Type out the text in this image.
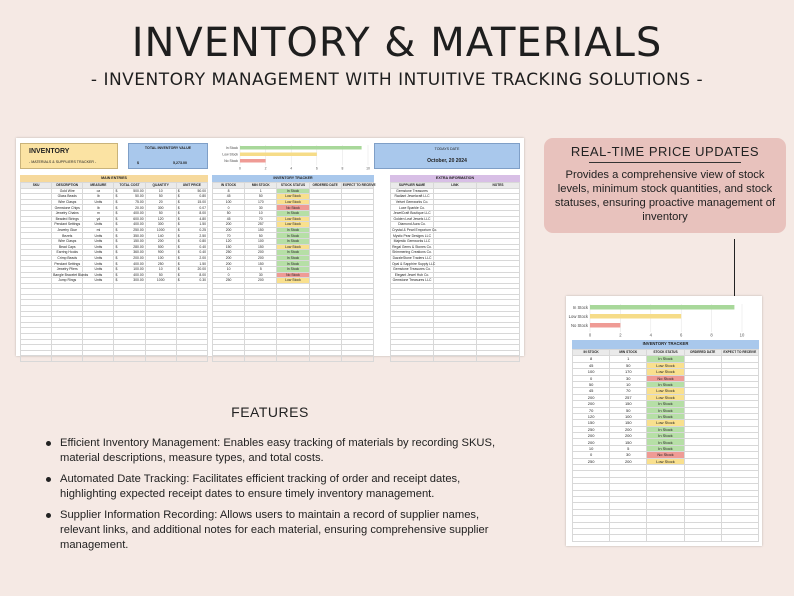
INVENTORY & MATERIALS
- INVENTORY MANAGEMENT WITH INTUITIVE TRACKING SOLUTIONS -
INVENTORY
- MATERIALS & SUPPLIERS TRACKER -
TOTAL INVENTORY VALUE
$	5,273.00
0	2	4	6	8	10
In Stock
Low Stock
No Stock
TODAYS DATE
October, 20 2024
MAIN ENTRIES
SKU	DESCRIPTION	MEASURE	TOTAL COST	QUANTITY	UNIT PRICE
	Gold Wire	oz	$ 500.00	10	$ 50.00

	Glass Beads	lb	$ 50.00	50	$ 0.80

	Wire Clasps	Units	$ 75.00	20	$ 15.00

	Gemstone Chips	lb	$ 20.00	300	$ 0.07

	Jewelry Chains	m	$ 400.00	50	$ 8.00

	Beaded Strings	yd	$ 600.00	120	$ 4.80

	Pendant Settings	Units	$ 400.00	300	$ 1.50

	Jewelry Glue	ml	$ 250.00	1000	$ 0.25

	Bezels	Units	$ 350.00	140	$ 2.50

	Wire Clasps	Units	$ 150.00	200	$ 0.80

	Bead Caps	Units	$ 280.00	500	$ 0.40

	Earring Hooks	Units	$ 360.00	900	$ 0.40

	Crimp Beads	Units	$ 200.00	100	$ 2.00

	Pendant Settings	Units	$ 400.00	250	$ 1.50

	Jewelry Pliers	Units	$ 100.00	10	$ 20.00

	Bangle Bracelet Blanks	Units	$ 400.00	50	$ 8.00

	Jump Rings	Units	$ 300.00	1000	$ 0.30

INVENTORY TRACKER
IN STOCK	MIN STOCK	STOCK STATUS	ORDERED DATE	EXPECT TO RECEIVE
8	1	In Stock		
45	50	Low Stock		
100	170	Low Stock		
0	30	No Stock		
50	10	In Stock		
45	70	Low Stock		
200	257	Low Stock		
200	150	In Stock		
70	50	In Stock		
120	100	In Stock		
150	150	Low Stock		
250	200	In Stock		
200	200	In Stock		
200	150	In Stock		
10	5	In Stock		
0	30	No Stock		
250	200	Low Stock		

EXTRA INFORMATION
SUPPLIER NAME	LINK	NOTES
Gemstone Treasures		
Radiant Jewelcraft LLC		
Velvet Gemworks Co.		
Luxe Sparkle Co.		
JewelCraft Boutique LLC		
Golden Leaf Jewels LLC		
Diamond Aura Co.		
Crystal & Pearl Emporium Co.		
Mystic Pear Designs LLC		
Majestic Gemworks LLC		
Regal Gems & Stones Co.		
Shimmering Creations Co.		
DazzleStone Traders LLC		
Opal & Sapphire Supply LLC		
Gemstone Treasures Co.		
Elegant Jewel Hub Co.		
Gemstone Treasures LLC		

REAL-TIME PRICE UPDATES
Provides a comprehensive view of stock levels, minimum stock quantities, and stock statuses, ensuring proactive management of inventory
0	2	4	6	8	10
In Stock
Low Stock
No Stock
INVENTORY TRACKER
IN STOCK	MIN STOCK	STOCK STATUS	ORDERED DATE	EXPECT TO RECEIVE
8	1	In Stock		
45	50	Low Stock		
100	170	Low Stock		
0	30	No Stock		
50	10	In Stock		
45	70	Low Stock		
200	257	Low Stock		
200	150	In Stock		
70	50	In Stock		
120	100	In Stock		
150	150	Low Stock		
250	200	In Stock		
200	200	In Stock		
200	150	In Stock		
10	5	In Stock		
0	30	No Stock		
250	200	Low Stock		

FEATURES
Efficient Inventory Management: Enables easy tracking of materials by recording SKUS, material descriptions, measure types, and total costs.
Automated Date Tracking: Facilitates efficient tracking of order and receipt dates, highlighting expected receipt dates to ensure timely inventory management.
Supplier Information Recording: Allows users to maintain a record of supplier names, relevant links, and additional notes for each material, ensuring comprehensive supplier management.
